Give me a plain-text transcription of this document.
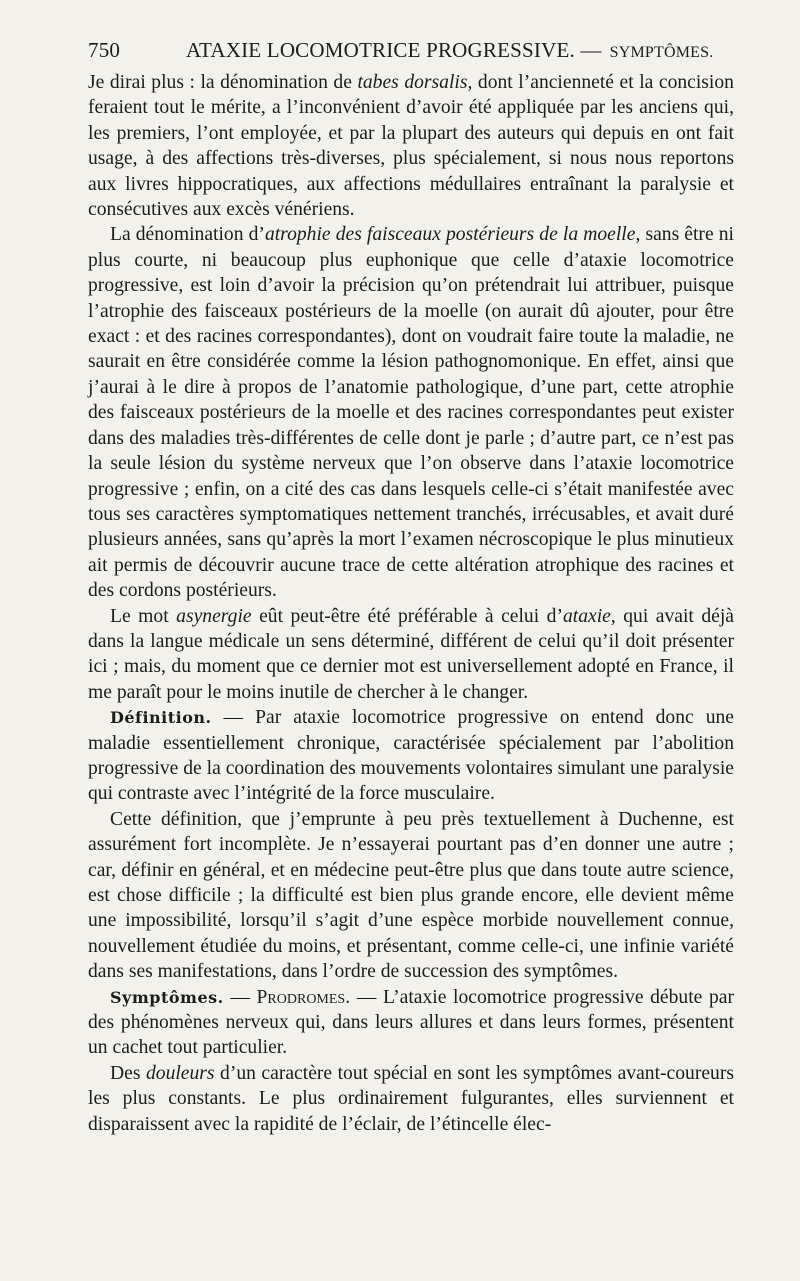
750	ATAXIE LOCOMOTRICE PROGRESSIVE. — SYMPTÔMES.

Je dirai plus : la dénomination de tabes dorsalis, dont l’ancienneté et la concision feraient tout le mérite, a l’inconvénient d’avoir été appliquée par les anciens qui, les premiers, l’ont employée, et par la plupart des auteurs qui depuis en ont fait usage, à des affections très-diverses, plus spécialement, si nous nous reportons aux livres hippocratiques, aux affections médullaires entraînant la paralysie et consécutives aux excès vénériens.

La dénomination d’atrophie des faisceaux postérieurs de la moelle, sans être ni plus courte, ni beaucoup plus euphonique que celle d’ataxie locomotrice progressive, est loin d’avoir la précision qu’on prétendrait lui attribuer, puisque l’atrophie des faisceaux postérieurs de la moelle (on aurait dû ajouter, pour être exact : et des racines correspondantes), dont on voudrait faire toute la maladie, ne saurait en être considérée comme la lésion pathognomonique. En effet, ainsi que j’aurai à le dire à propos de l’anatomie pathologique, d’une part, cette atrophie des faisceaux postérieurs de la moelle et des racines correspondantes peut exister dans des maladies très-différentes de celle dont je parle ; d’autre part, ce n’est pas la seule lésion du système nerveux que l’on observe dans l’ataxie locomotrice progressive ; enfin, on a cité des cas dans lesquels celle-ci s’était manifestée avec tous ses caractères symptomatiques nettement tranchés, irrécusables, et avait duré plusieurs années, sans qu’après la mort l’examen nécroscopique le plus minutieux ait permis de découvrir aucune trace de cette altération atrophique des racines et des cordons postérieurs.

Le mot asynergie eût peut-être été préférable à celui d’ataxie, qui avait déjà dans la langue médicale un sens déterminé, différent de celui qu’il doit présenter ici ; mais, du moment que ce dernier mot est universellement adopté en France, il me paraît pour le moins inutile de chercher à le changer.

Définition. — Par ataxie locomotrice progressive on entend donc une maladie essentiellement chronique, caractérisée spécialement par l’abolition progressive de la coordination des mouvements volontaires simulant une paralysie qui contraste avec l’intégrité de la force musculaire.

Cette définition, que j’emprunte à peu près textuellement à Duchenne, est assurément fort incomplète. Je n’essayerai pourtant pas d’en donner une autre ; car, définir en général, et en médecine peut-être plus que dans toute autre science, est chose difficile ; la difficulté est bien plus grande encore, elle devient même une impossibilité, lorsqu’il s’agit d’une espèce morbide nouvellement connue, nouvellement étudiée du moins, et présentant, comme celle-ci, une infinie variété dans ses manifestations, dans l’ordre de succession des symptômes.

Symptômes. — Prodromes. — L’ataxie locomotrice progressive débute par des phénomènes nerveux qui, dans leurs allures et dans leurs formes, présentent un cachet tout particulier.

Des douleurs d’un caractère tout spécial en sont les symptômes avant-coureurs les plus constants. Le plus ordinairement fulgurantes, elles surviennent et disparaissent avec la rapidité de l’éclair, de l’étincelle élec-
